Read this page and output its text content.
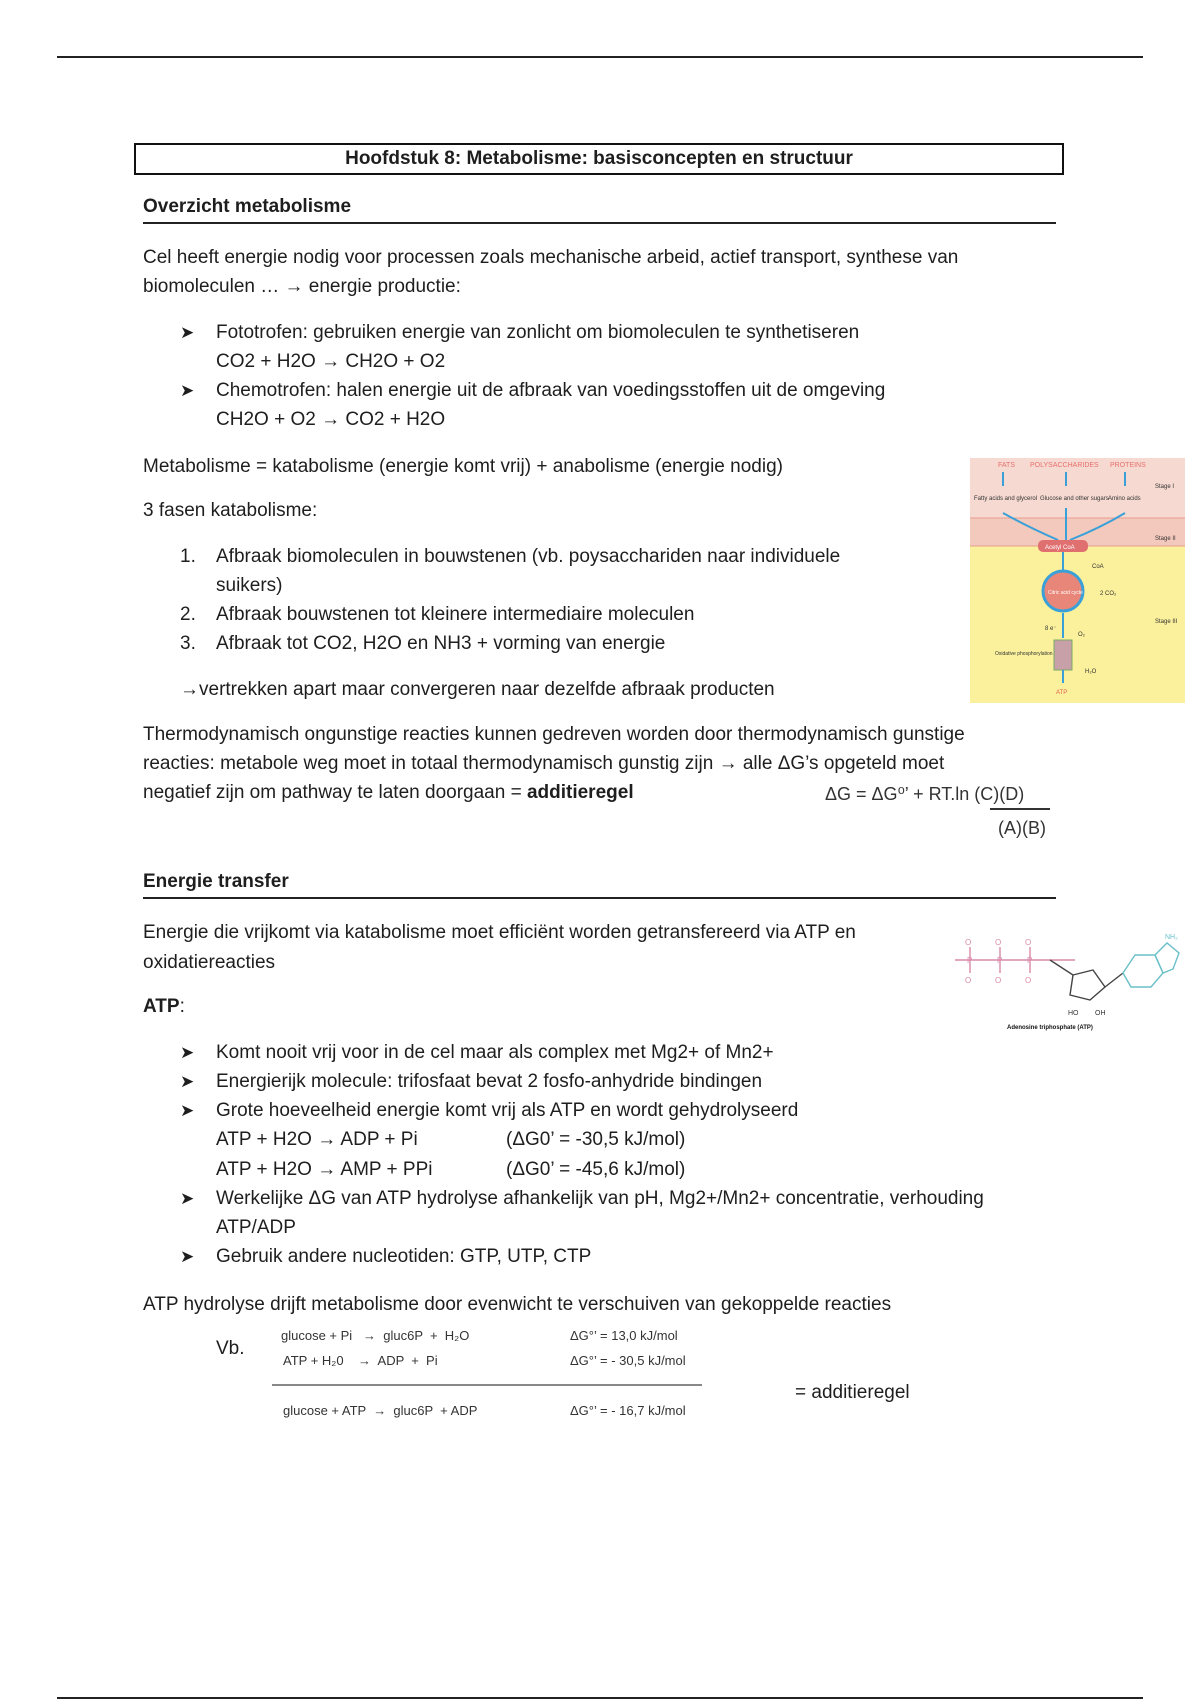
Hoofdstuk 8: Metabolisme: basisconcepten en structuur
Overzicht metabolisme
Cel heeft energie nodig voor processen zoals mechanische arbeid, actief transport, synthese van
biomoleculen … → energie productie:
➤ Fototrofen: gebruiken energie van zonlicht om biomoleculen te synthetiseren
CO2 + H2O → CH2O + O2
➤ Chemotrofen: halen energie uit de afbraak van voedingsstoffen uit de omgeving
CH2O + O2 → CO2 + H2O
Metabolisme = katabolisme (energie komt vrij) + anabolisme (energie nodig)
3 fasen katabolisme:
1. Afbraak biomoleculen in bouwstenen (vb. poysacchariden naar individuele
suikers)
2. Afbraak bouwstenen tot kleinere intermediaire moleculen
3. Afbraak tot CO2, H2O en NH3 + vorming van energie
→vertrekken apart maar convergeren naar dezelfde afbraak producten
FATS POLYSACCHARIDES PROTEINS
Fatty acids and glycerol Glucose and other sugars Amino acids
Stage I
Stage II
Stage III
Acetyl CoA
CoA
Citric acid cycle	2 CO₂
8 e⁻
O₂
Oxidative phosphorylation
H₂O
ATP
Thermodynamisch ongunstige reacties kunnen gedreven worden door thermodynamisch gunstige
reacties: metabole weg moet in totaal thermodynamisch gunstig zijn → alle ΔG’s opgeteld moet
negatief zijn om pathway te laten doorgaan = additieregel	ΔG = ΔG⁰’ + RT.ln (C)(D)
(A)(B)
Energie transfer
Energie die vrijkomt via katabolisme moet efficiënt worden getransfereerd via ATP en
oxidatiereacties
O	O	O
P	P	P
O	O	O
NH₂
HO OH
Adenosine triphosphate (ATP)
ATP:
➤ Komt nooit vrij voor in de cel maar als complex met Mg2+ of Mn2+
➤ Energierijk molecule: trifosfaat bevat 2 fosfo-anhydride bindingen
➤ Grote hoeveelheid energie komt vrij als ATP en wordt gehydrolyseerd
ATP + H2O → ADP + Pi	(ΔG0’ = -30,5 kJ/mol)
ATP + H2O → AMP + PPi	(ΔG0’ = -45,6 kJ/mol)
➤ Werkelijke ΔG van ATP hydrolyse afhankelijk van pH, Mg2+/Mn2+ concentratie, verhouding
ATP/ADP
➤ Gebruik andere nucleotiden: GTP, UTP, CTP
ATP hydrolyse drijft metabolisme door evenwicht te verschuiven van gekoppelde reacties
Vb.
glucose + Pi   →  gluc6P  +  H₂O	ΔG°’ = 13,0 kJ/mol
ATP + H₂0    →  ADP  +  Pi	ΔG°’ = - 30,5 kJ/mol
glucose + ATP  →  gluc6P  + ADP	ΔG°’ = - 16,7 kJ/mol
= additieregel
